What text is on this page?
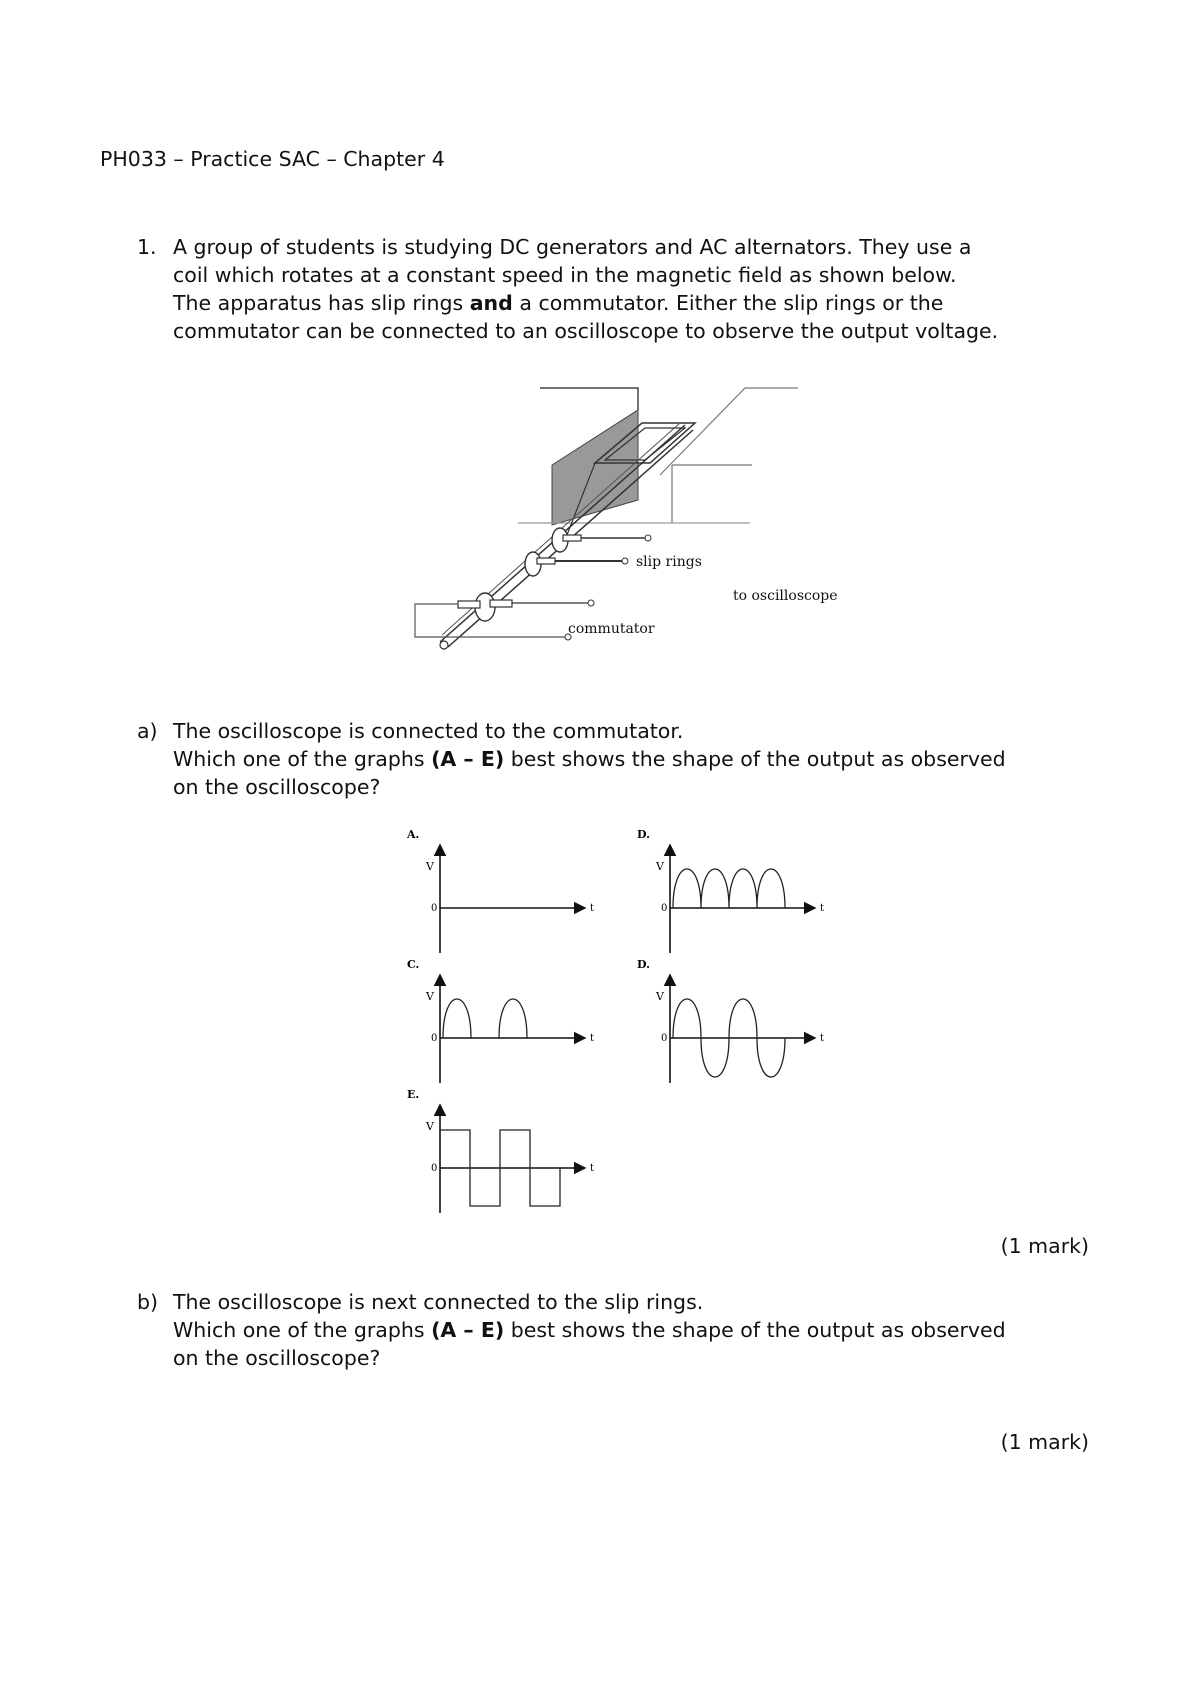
PH033 – Practice SAC – Chapter 4
1. A group of students is studying DC generators and AC alternators. They use a
coil which rotates at a constant speed in the magnetic field as shown below.
The apparatus has slip rings and a commutator. Either the slip rings or the
commutator can be connected to an oscilloscope to observe the output voltage.
slip rings
commutator
to oscilloscope
a) The oscilloscope is connected to the commutator.
Which one of the graphs (A – E) best shows the shape of the output as observed
on the oscilloscope?
A.
V
0	t
D.
V
0	t
C.
V
0	t
D.
V
0	t
E.
V
0	t
(1 mark)
b) The oscilloscope is next connected to the slip rings.
Which one of the graphs (A – E) best shows the shape of the output as observed
on the oscilloscope?
(1 mark)
